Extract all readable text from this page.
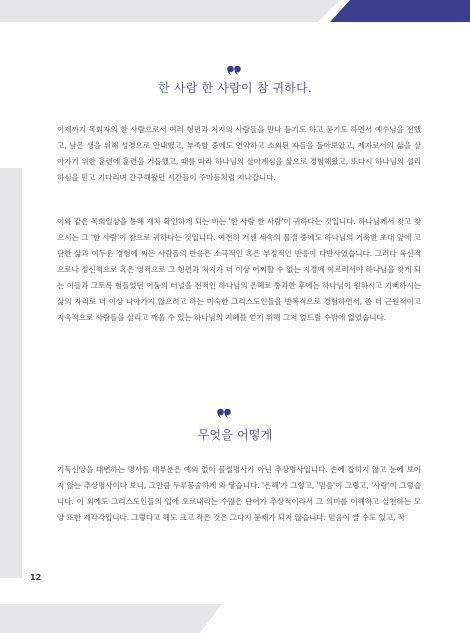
한 사람 한 사람이 참 귀하다.

이제까지 목회자의 한 사람으로서 여러 형편과 처지의 사람들을 만나 듣기도 하고 묻기도 하면서 예수님을 전했고, 남은 생을 위해 성경으로 안내했고, 부족함 중에도 연약하고 소외된 자들을 돌아보았고, 제자로서의 삶을 살아가기 위한 훈련에 훈련을 거듭했고, 때를 따라 하나님의 살아계심을 삶으로 경험해왔고, 또다시 하나님의 섭리하심을 믿고 기다리며 간구해왔던 시간들이 주마등처럼 지나갑니다.

이와 같은 목회일상을 통해 재차 확인하게 되는 바는 '한 사람 한 사람'이 귀하다는 것입니다. 하나님께서 찾고 찾으시는 그 '한 사람'이 참으로 귀하다는 것입니다. 여전히 거센 세속의 물결 중에도 하나님의 거룩한 초대 앞에 고단한 삶과 여두운 경험에 찌든 사람들의 반응은 소극적인 혹은 부정적인 반응이 다반사였습니다. 그러다 육신적으로나 정신적으로 혹은 영적으로 그 형편과 처지가 더 이상 어찌할 수 없는 지경에 이르러서야 하나님을 찾게 되는 이들과 그토록 힘들었던 어둠의 터널을 전적인 하나님의 은혜로 통과한 후에는 하나님이 원하시고 기뻐하시는 삶의 자리로 더 이상 나아가지 않으려고 하는 미숙한 그리스도인들을 반복적으로 경험하면서, 좀 더 근원적이고 지속적으로 사람들을 살리고 깨울 수 있는 하나님의 지혜를 얻기 위해 그저 엎드릴 수밖에 없었습니다.

무엇을 어떻게

기독신앙을 대변하는 명사들 대부분은 예외 없이 물질명사가 아닌 추상명사입니다. 손에 잡히지 않고 눈에 보이지 않는 추상명사이다 보니, 그만큼 두루뭉술하게 와 닿습니다. '은혜'가 그렇고, '믿음'이 그렇고, '사랑'이 그렇습니다. 이 외에도 그리스도인들의 입에 오르내리는 수많은 단어가 추상적이라서 그 의미를 이해하고 실천하는 모양 또한 제각각입니다. 그렇다고 해도 크고 작은 것은 그다지 문제가 되지 않습니다. 믿음이 클 수도 있고, 작

12
